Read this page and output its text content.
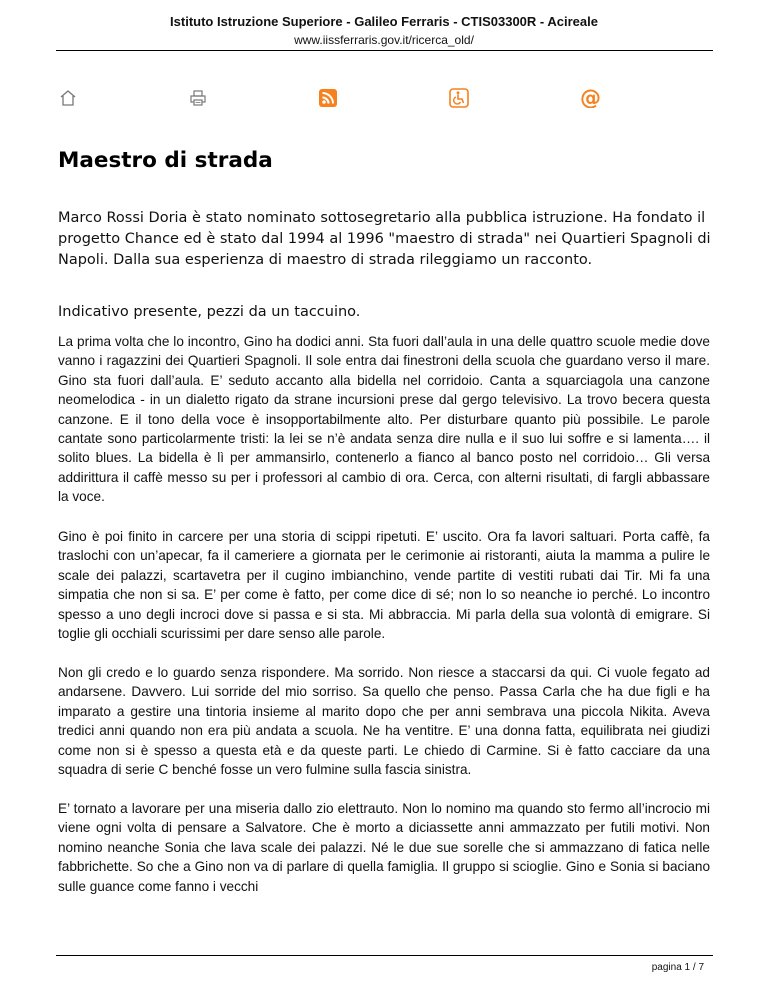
Istituto Istruzione Superiore - Galileo Ferraris - CTIS03300R - Acireale
www.iissferraris.gov.it/ricerca_old/
@
Maestro di strada

Marco Rossi Doria è stato nominato sottosegretario alla pubblica istruzione. Ha fondato il progetto Chance ed è stato dal 1994 al 1996 "maestro di strada" nei Quartieri Spagnoli di Napoli. Dalla sua esperienza di maestro di strada rileggiamo un racconto.

Indicativo presente, pezzi da un taccuino.

La prima volta che lo incontro, Gino ha dodici anni. Sta fuori dall’aula in una delle quattro scuole medie dove vanno i ragazzini dei Quartieri Spagnoli. Il sole entra dai finestroni della scuola che guardano verso il mare. Gino sta fuori dall’aula. E’ seduto accanto alla bidella nel corridoio. Canta a squarciagola una canzone neomelodica - in un dialetto rigato da strane incursioni prese dal gergo televisivo. La trovo becera questa canzone. E il tono della voce è insopportabilmente alto. Per disturbare quanto più possibile. Le parole cantate sono particolarmente tristi: la lei se n’è andata senza dire nulla e il suo lui soffre e si lamenta…. il solito blues. La bidella è lì per ammansirlo, contenerlo a fianco al banco posto nel corridoio… Gli versa addirittura il caffè messo su per i professori al cambio di ora. Cerca, con alterni risultati, di fargli abbassare la voce.

Gino è poi finito in carcere per una storia di scippi ripetuti. E’ uscito. Ora fa lavori saltuari. Porta caffè, fa traslochi con un’apecar, fa il cameriere a giornata per le cerimonie ai ristoranti, aiuta la mamma a pulire le scale dei palazzi, scartavetra per il cugino imbianchino, vende partite di vestiti rubati dai Tir. Mi fa una simpatia che non si sa. E’ per come è fatto, per come dice di sé; non lo so neanche io perché. Lo incontro spesso a uno degli incroci dove si passa e si sta. Mi abbraccia. Mi parla della sua volontà di emigrare. Si toglie gli occhiali scurissimi per dare senso alle parole.

Non gli credo e lo guardo senza rispondere. Ma sorrido. Non riesce a staccarsi da qui. Ci vuole fegato ad andarsene. Davvero. Lui sorride del mio sorriso. Sa quello che penso. Passa Carla che ha due figli e ha imparato a gestire una tintoria insieme al marito dopo che per anni sembrava una piccola Nikita. Aveva tredici anni quando non era più andata a scuola. Ne ha ventitre. E’ una donna fatta, equilibrata nei giudizi come non si è spesso a questa età e da queste parti. Le chiedo di Carmine. Si è fatto cacciare da una squadra di serie C benché fosse un vero fulmine sulla fascia sinistra.

E’ tornato a lavorare per una miseria dallo zio elettrauto. Non lo nomino ma quando sto fermo all’incrocio mi viene ogni volta di pensare a Salvatore. Che è morto a diciassette anni ammazzato per futili motivi. Non nomino neanche Sonia che lava scale dei palazzi. Né le due sue sorelle che si ammazzano di fatica nelle fabbrichette. So che a Gino non va di parlare di quella famiglia. Il gruppo si scioglie. Gino e Sonia si baciano sulle guance come fanno i vecchi

pagina 1 / 7
